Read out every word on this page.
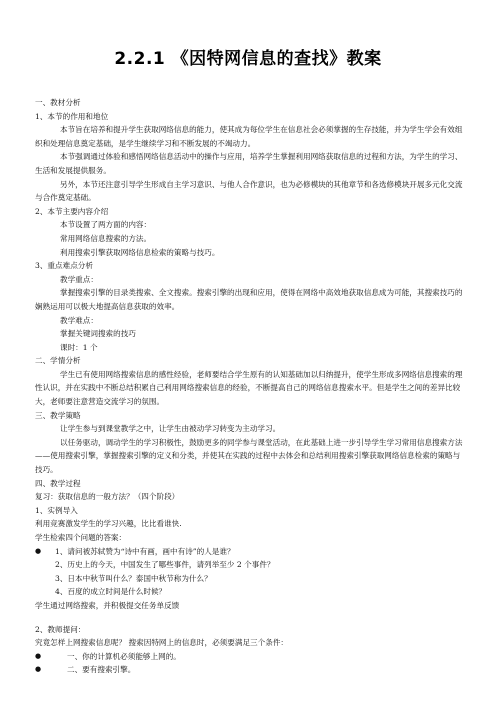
2.2.1 《因特网信息的查找》教案
一、教材分析
1、本节的作用和地位
本节旨在培养和提升学生获取网络信息的能力，使其成为每位学生在信息社会必须掌握的生存技能，并为学生学会有效组织和处理信息奠定基础，是学生继续学习和不断发展的不竭动力。
本节强调通过体验和感悟网络信息活动中的操作与应用，培养学生掌握利用网络获取信息的过程和方法，为学生的学习、生活和发展提供服务。
另外，本节还注意引导学生形成自主学习意识、与他人合作意识，也为必修模块的其他章节和各选修模块开展多元化交流与合作奠定基础。
2、本节主要内容介绍
本节设置了两方面的内容：
常用网络信息搜索的方法。
利用搜索引擎获取网络信息检索的策略与技巧。
3、重点难点分析
教学重点：
掌握搜索引擎的目录类搜索、全文搜索。搜索引擎的出现和应用，使得在网络中高效地获取信息成为可能，其搜索技巧的娴熟运用可以极大地提高信息获取的效率。
教学难点：
掌握关键词搜索的技巧
课时：1 个
二、学情分析
学生已有使用网络搜索信息的感性经验，老师要结合学生原有的认知基础加以归纳提升，使学生形成多网络信息搜索的理性认识，并在实践中不断总结积累自己利用网络搜索信息的经验，不断提高自己的网络信息搜索水平。但是学生之间的差异比较大，老师要注意营造交流学习的氛围。
三、教学策略
让学生参与到课堂教学之中，让学生由被动学习转变为主动学习。
以任务驱动，调动学生的学习积极性，鼓励更多的同学参与课堂活动，在此基础上进一步引导学生学习常用信息搜索方法——使用搜索引擎，掌握搜索引擎的定义和分类，并使其在实践的过程中去体会和总结利用搜索引擎获取网络信息检索的策略与技巧。
四、教学过程
复习：获取信息的一般方法？（四个阶段）
1、实例导入
利用竞赛激发学生的学习兴趣，比比看谁快.
学生检索四个问题的答案：
●	1、请问被苏轼赞为“诗中有画，画中有诗”的人是谁？
2、历史上的今天，中国发生了哪些事件，请列举至少 2 个事件？
3、日本中秋节叫什么？泰国中秋节称为什么？
4、百度的成立时间是什么时候？
学生通过网络搜索，并积极提交任务单反馈
2、教师提问：
究竟怎样上网搜索信息呢？ 搜索因特网上的信息时，必须要满足三个条件：
●	一、你的计算机必须能够上网的。
●	二、要有搜索引擎。
